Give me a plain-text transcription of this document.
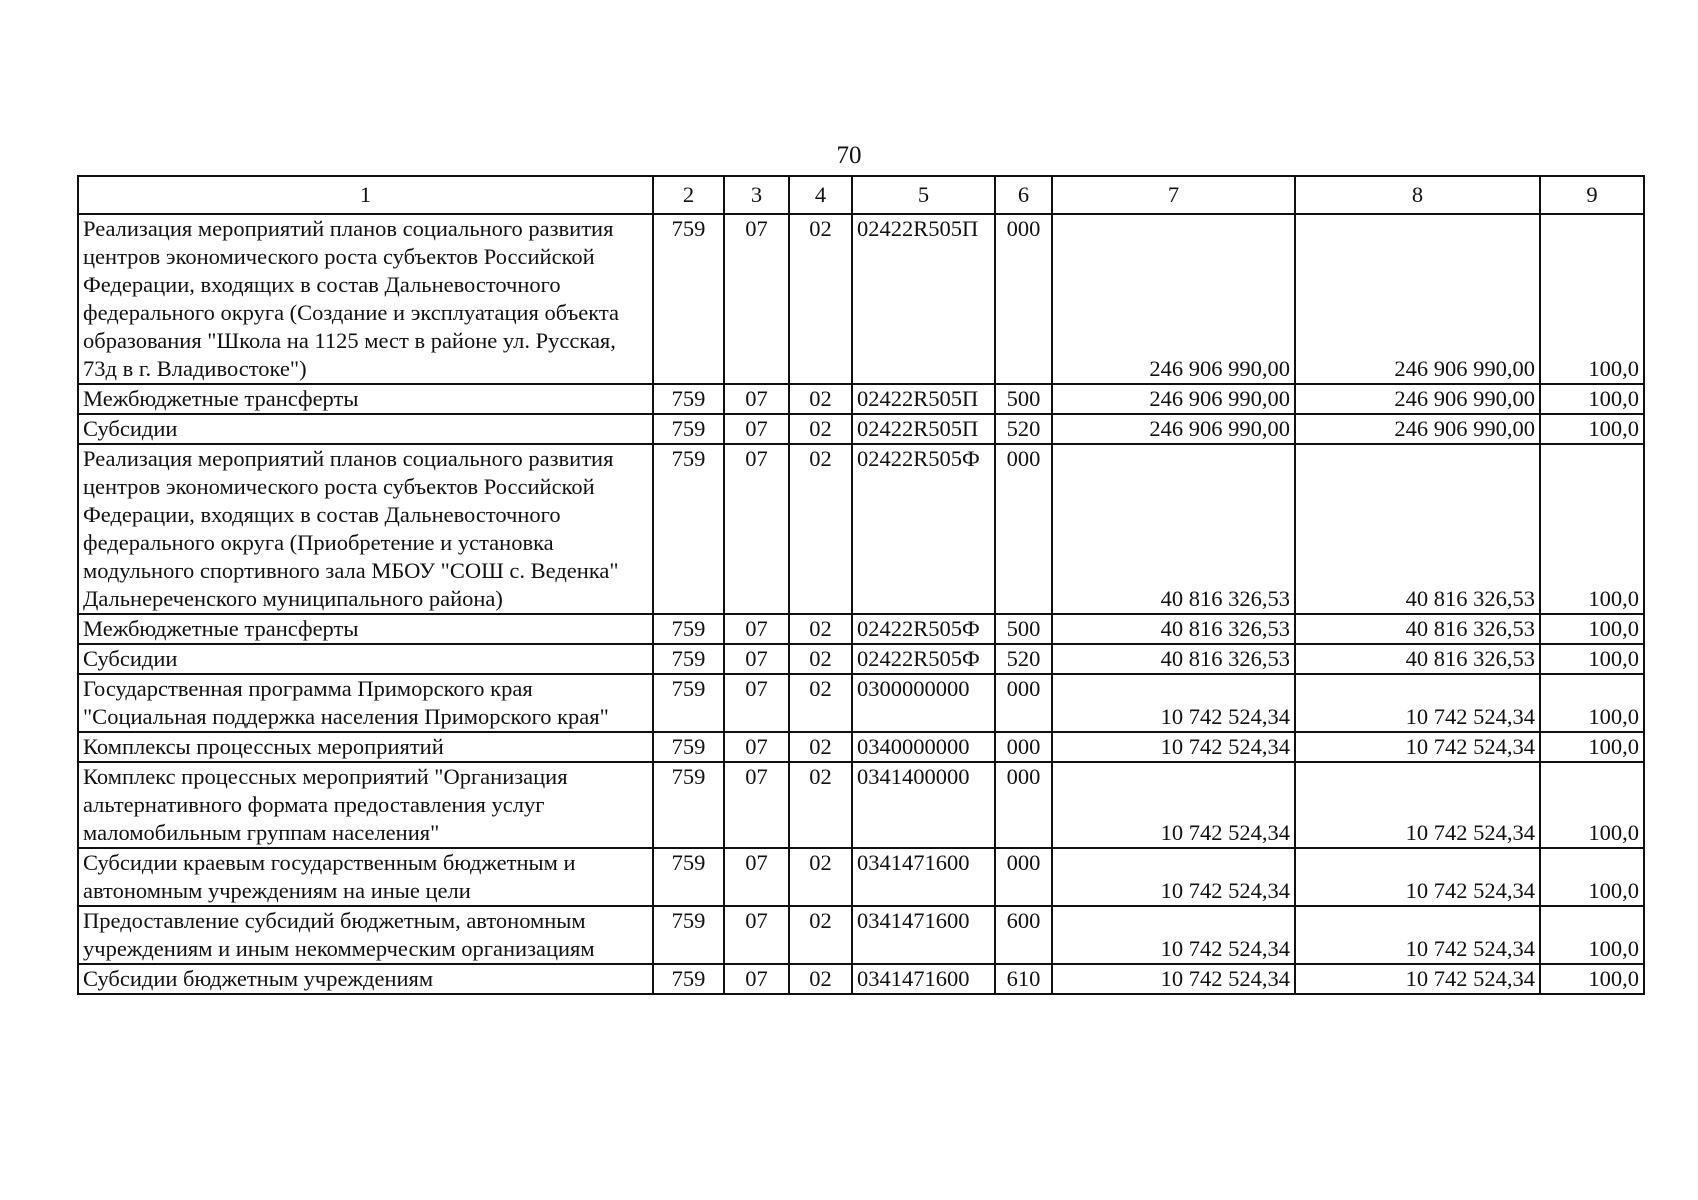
70
1	2	3	4	5	6	7	8	9
Реализация мероприятий планов социального развития центров экономического роста субъектов Российской Федерации, входящих в состав Дальневосточного федерального округа (Создание и эксплуатация объекта образования "Школа на 1125 мест в районе ул. Русская, 73д в г. Владивостоке")	759	07	02	02422R505П	000	246 906 990,00	246 906 990,00	100,0
Межбюджетные трансферты	759	07	02	02422R505П	500	246 906 990,00	246 906 990,00	100,0
Субсидии	759	07	02	02422R505П	520	246 906 990,00	246 906 990,00	100,0
Реализация мероприятий планов социального развития центров экономического роста субъектов Российской Федерации, входящих в состав Дальневосточного федерального округа (Приобретение и установка модульного спортивного зала МБОУ "СОШ с. Веденка" Дальнереченского муниципального района)	759	07	02	02422R505Ф	000	40 816 326,53	40 816 326,53	100,0
Межбюджетные трансферты	759	07	02	02422R505Ф	500	40 816 326,53	40 816 326,53	100,0
Субсидии	759	07	02	02422R505Ф	520	40 816 326,53	40 816 326,53	100,0
Государственная программа Приморского края "Социальная поддержка населения Приморского края"	759	07	02	0300000000	000	10 742 524,34	10 742 524,34	100,0
Комплексы процессных мероприятий	759	07	02	0340000000	000	10 742 524,34	10 742 524,34	100,0
Комплекс процессных мероприятий "Организация альтернативного формата предоставления услуг маломобильным группам населения"	759	07	02	0341400000	000	10 742 524,34	10 742 524,34	100,0
Субсидии краевым государственным бюджетным и автономным учреждениям на иные цели	759	07	02	0341471600	000	10 742 524,34	10 742 524,34	100,0
Предоставление субсидий бюджетным, автономным учреждениям и иным некоммерческим организациям	759	07	02	0341471600	600	10 742 524,34	10 742 524,34	100,0
Субсидии бюджетным учреждениям	759	07	02	0341471600	610	10 742 524,34	10 742 524,34	100,0
